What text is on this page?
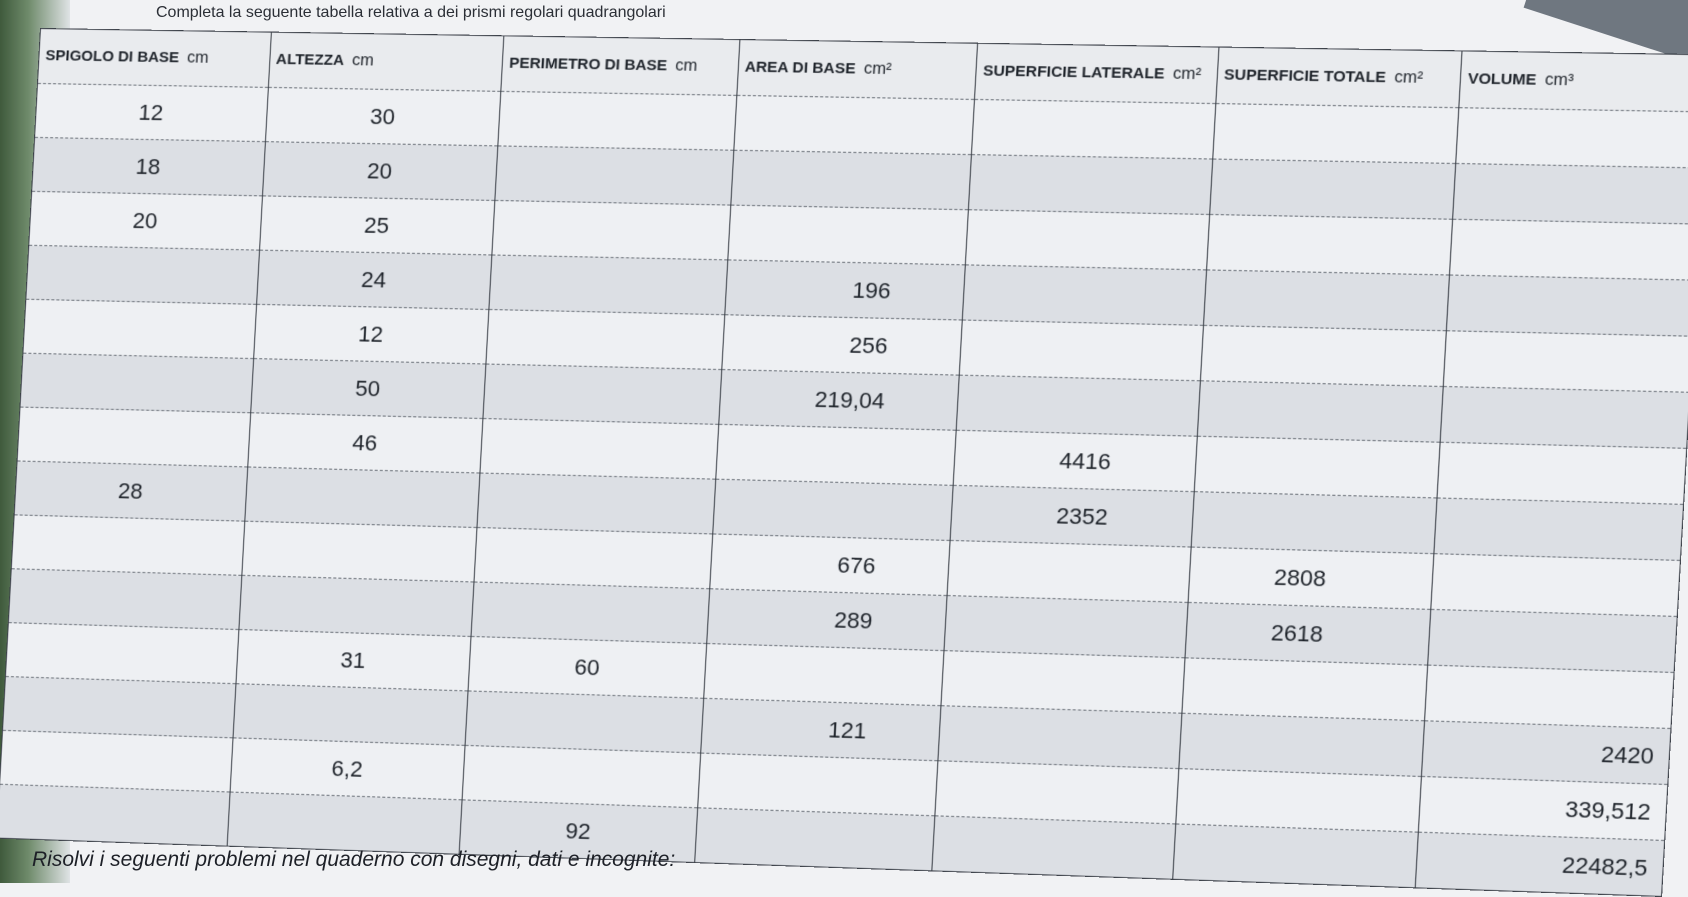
Completa la seguente tabella relativa a dei prismi regolari quadrangolari
SPIGOLO DI BASE cm	ALTEZZA cm	PERIMETRO DI BASE cm	AREA DI BASE cm²	SUPERFICIE LATERALE cm²	SUPERFICIE TOTALE cm²	VOLUME cm³
12	30					
18	20					
20	25					
	24		196			
	12		256			
	50		219,04			
	46			4416		
28				2352		
			676		2808	
			289		2618	
	31	60				
			121			2420
	6,2					339,512
		92				22482,5
Risolvi i seguenti problemi nel quaderno con disegni, dati e incognite:
